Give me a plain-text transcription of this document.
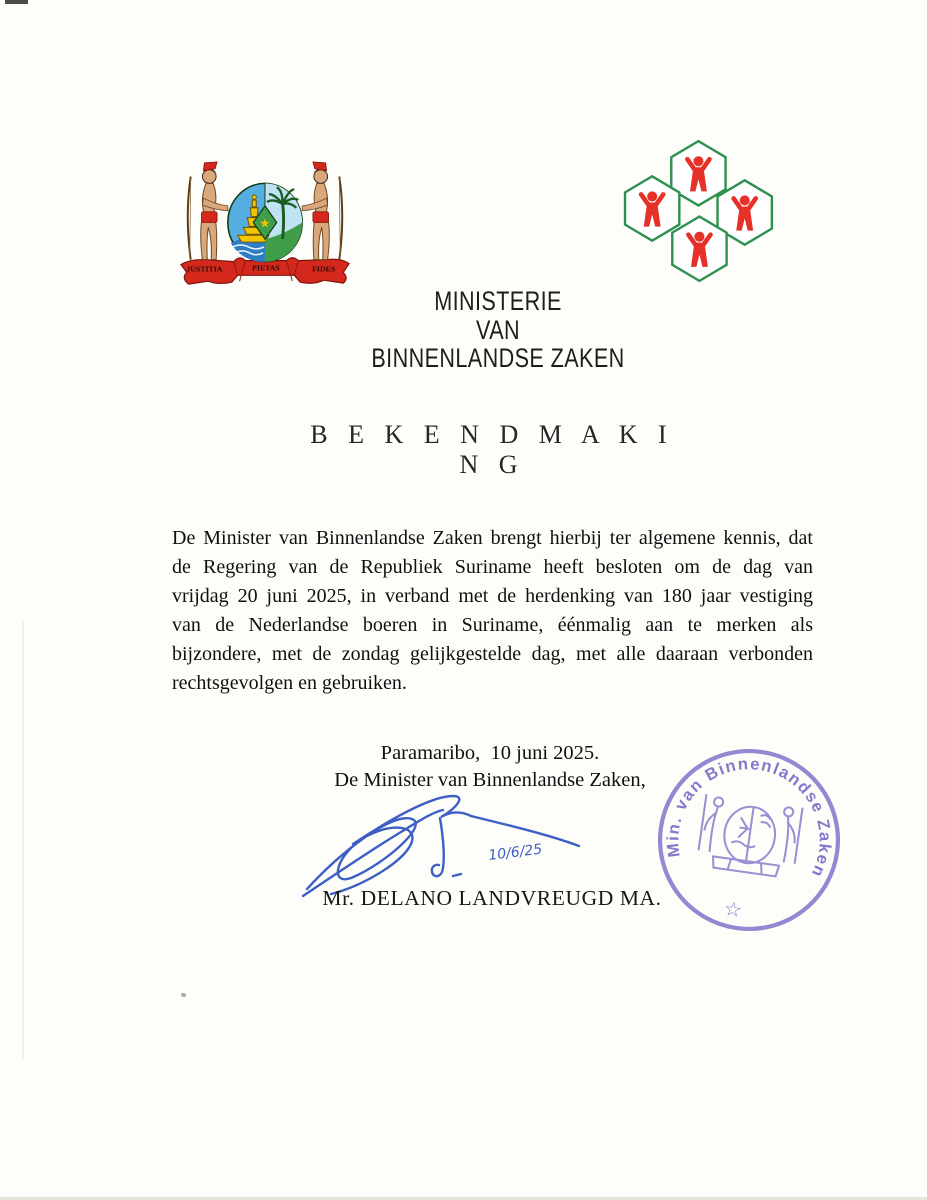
JUSTITIA	PIETAS	FIDES
★
MINISTERIE
VAN
BINNENLANDSE ZAKEN
B E K E N D M A K I N G
De Minister van Binnenlandse Zaken brengt hierbij ter algemene kennis, dat
de Regering van de Republiek Suriname heeft besloten om de dag van
vrijdag 20 juni 2025, in verband met de herdenking van 180 jaar vestiging
van de Nederlandse boeren in Suriname, éénmalig aan te merken als
bijzondere, met de zondag gelijkgestelde dag, met alle daaraan verbonden
rechtsgevolgen en gebruiken.
Paramaribo,  10 juni 2025.
De Minister van Binnenlandse Zaken,
10/6/25
Mr. DELANO LANDVREUGD MA.
Min. van Binnenlandse Zaken
☆
